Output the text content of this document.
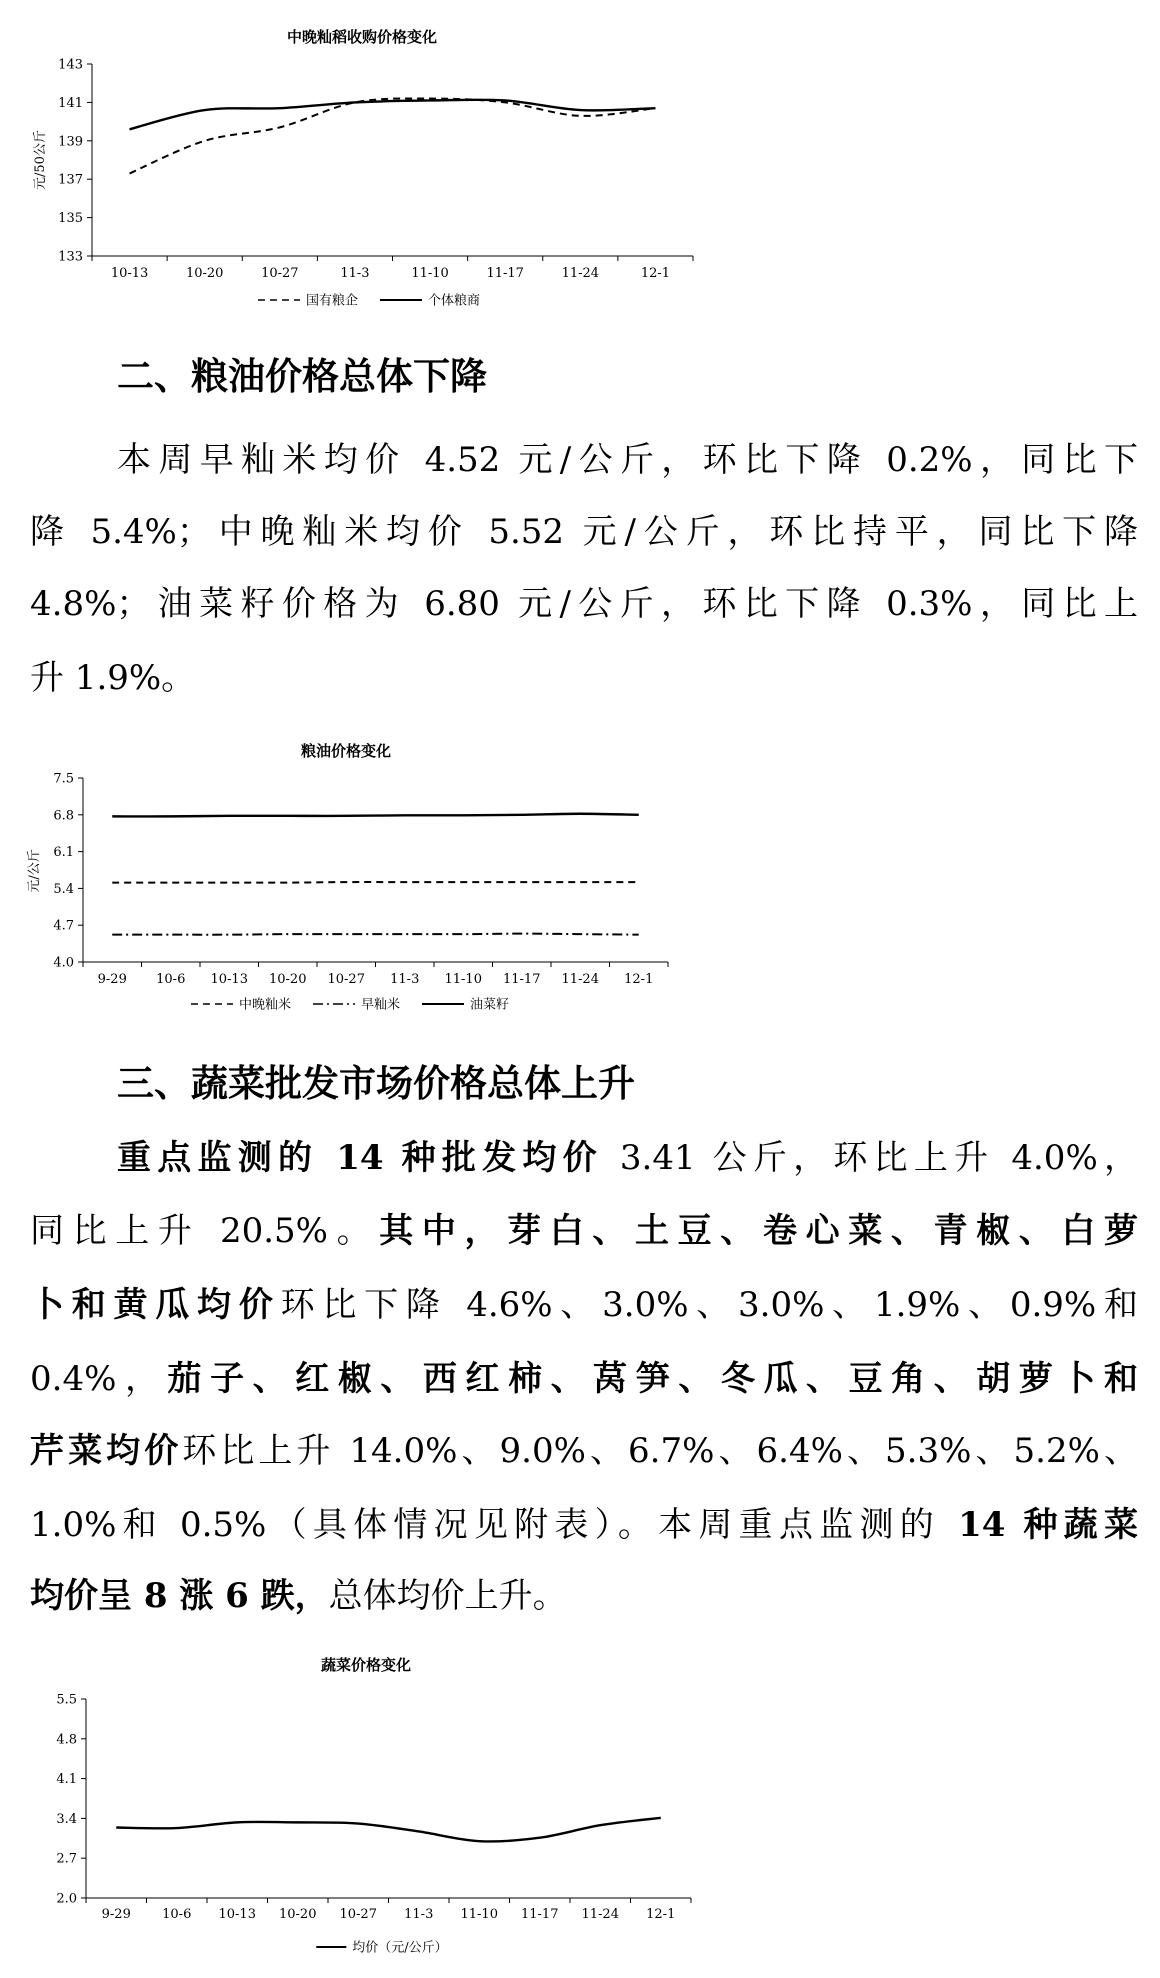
中晚籼稻收购价格变化
元/50公斤
133
135
137
139
141
143
10-13	10-20	10-27	11-3	11-10	11-17	11-24	12-1
国有粮企	个体粮商
二、粮油价格总体下降
本周早籼米均价 4.52 元/公斤，环比下降 0.2%，同比下
降 5.4%；中晚籼米均价 5.52 元/公斤，环比持平，同比下降
4.8%；油菜籽价格为 6.80 元/公斤，环比下降 0.3%，同比上
升 1.9%。
粮油价格变化
元/公斤
4.0
4.7
5.4
6.1
6.8
7.5
9-29 10-6 10-13 10-20 10-27 11-3 11-10 11-17 11-24 12-1
中晚籼米	早籼米	油菜籽
三、蔬菜批发市场价格总体上升
重点监测的 14 种批发均价 3.41 公斤，环比上升 4.0%，
同比上升 20.5%。其中，芽白、土豆、卷心菜、青椒、白萝
卜和黄瓜均价环比下降 4.6%、3.0%、3.0%、1.9%、0.9%和
0.4%，茄子、红椒、西红柿、莴笋、冬瓜、豆角、胡萝卜和
芹菜均价环比上升 14.0%、9.0%、6.7%、6.4%、5.3%、5.2%、
1.0%和 0.5%（具体情况见附表）。本周重点监测的 14 种蔬菜
均价呈 8 涨 6 跌，总体均价上升。
蔬菜价格变化
2.0
2.7
3.4
4.1
4.8
5.5
9-29 10-6 10-13 10-20 10-27 11-3 11-10 11-17 11-24 12-1
均价（元/公斤）
